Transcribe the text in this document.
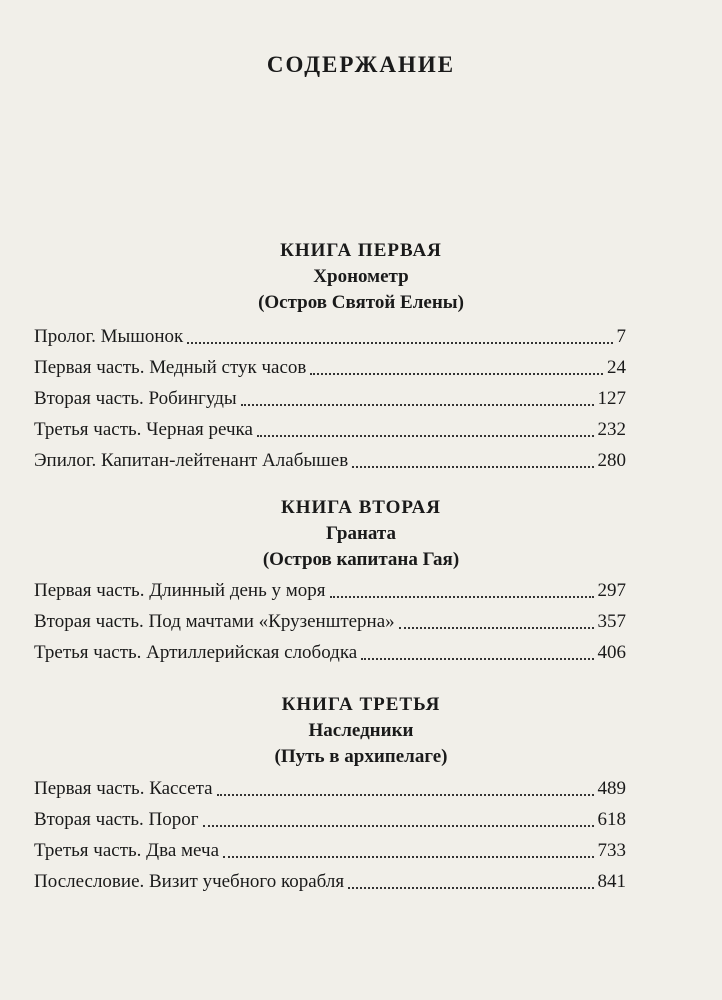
СОДЕРЖАНИЕ
КНИГА ПЕРВАЯ
Хронометр
(Остров Святой Елены)
Пролог. Мышонок	7
Первая часть. Медный стук часов	24
Вторая часть. Робингуды	127
Третья часть. Черная речка	232
Эпилог. Капитан-лейтенант Алабышев	280
КНИГА ВТОРАЯ
Граната
(Остров капитана Гая)
Первая часть. Длинный день у моря	297
Вторая часть. Под мачтами «Крузенштерна»	357
Третья часть. Артиллерийская слободка	406
КНИГА ТРЕТЬЯ
Наследники
(Путь в архипелаге)
Первая часть. Кассета	489
Вторая часть. Порог	618
Третья часть. Два меча	733
Послесловие. Визит учебного корабля	841
